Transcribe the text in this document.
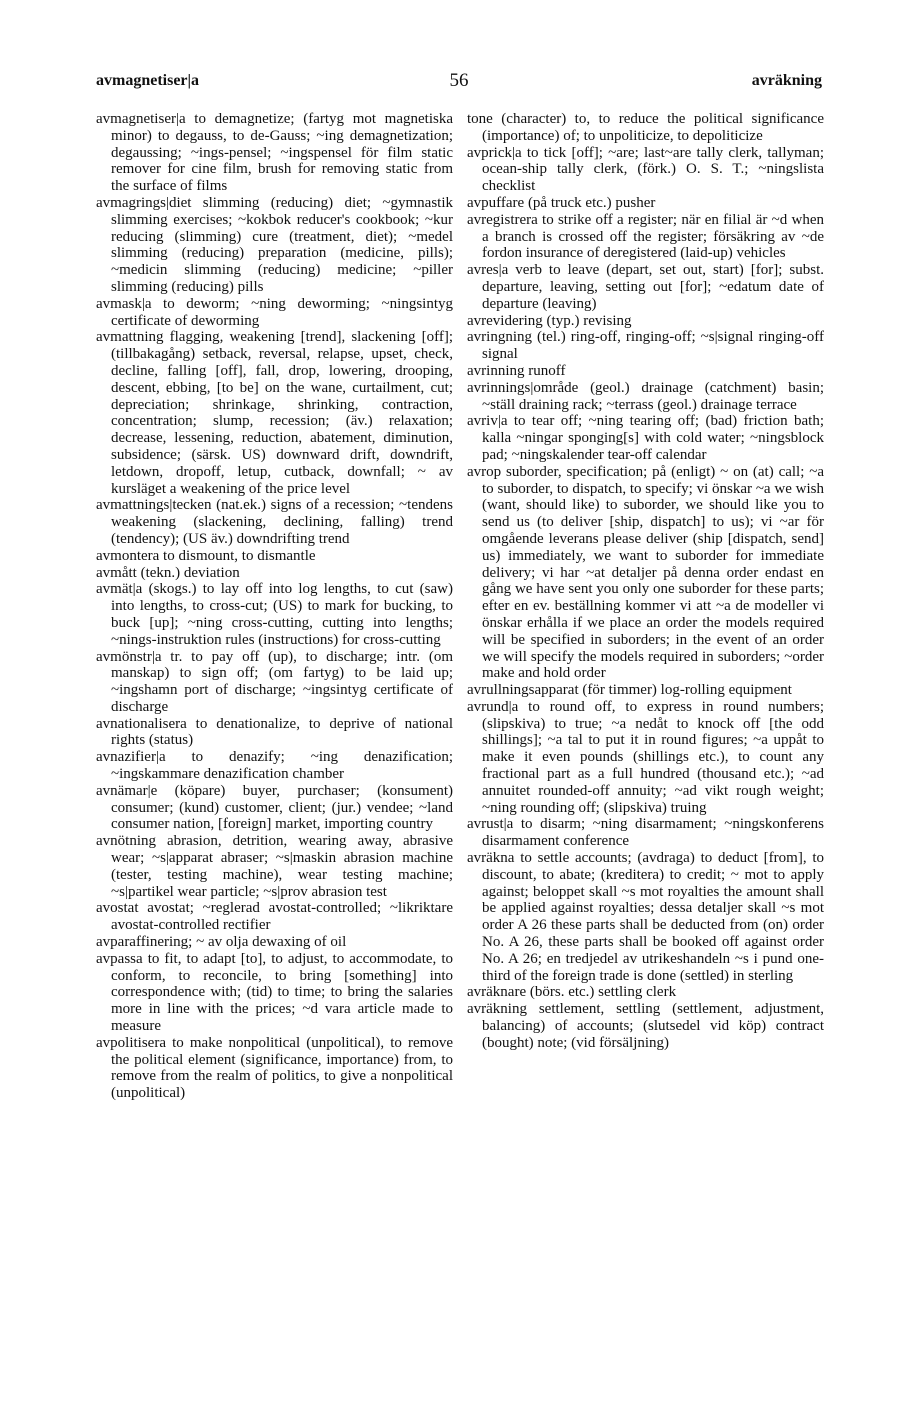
avmagnetiser|a	56	avräkning

avmagnetiser|a to demagnetize; (fartyg mot magnetiska minor) to degauss, to de-Gauss; ~ing demagnetization; degaussing; ~ings-pensel; ~ingspensel för film static remover for cine film, brush for removing static from the surface of films

avmagrings|diet slimming (reducing) diet; ~gymnastik slimming exercises; ~kokbok reducer's cookbook; ~kur reducing (slimming) cure (treatment, diet); ~medel slimming (reducing) preparation (medicine, pills); ~medicin slimming (reducing) medicine; ~piller slimming (reducing) pills

avmask|a to deworm; ~ning deworming; ~ningsintyg certificate of deworming

avmattning flagging, weakening [trend], slackening [off]; (tillbakagång) setback, reversal, relapse, upset, check, decline, falling [off], fall, drop, lowering, drooping, descent, ebbing, [to be] on the wane, curtailment, cut; depreciation; shrinkage, shrinking, contraction, concentration; slump, recession; (äv.) relaxation; decrease, lessening, reduction, abatement, diminution, subsidence; (särsk. US) downward drift, downdrift, letdown, dropoff, letup, cutback, downfall; ~ av kursläget a weakening of the price level

avmattnings|tecken (nat.ek.) signs of a recession; ~tendens weakening (slackening, declining, falling) trend (tendency); (US äv.) downdrifting trend

avmontera to dismount, to dismantle

avmått (tekn.) deviation

avmät|a (skogs.) to lay off into log lengths, to cut (saw) into lengths, to cross-cut; (US) to mark for bucking, to buck [up]; ~ning cross-cutting, cutting into lengths; ~nings-instruktion rules (instructions) for cross-cutting

avmönstr|a tr. to pay off (up), to discharge; intr. (om manskap) to sign off; (om fartyg) to be laid up; ~ingshamn port of discharge; ~ingsintyg certificate of discharge

avnationalisera to denationalize, to deprive of national rights (status)

avnazifier|a to denazify; ~ing denazification; ~ingskammare denazification chamber

avnämar|e (köpare) buyer, purchaser; (konsument) consumer; (kund) customer, client; (jur.) vendee; ~land consumer nation, [foreign] market, importing country

avnötning abrasion, detrition, wearing away, abrasive wear; ~s|apparat abraser; ~s|maskin abrasion machine (tester, testing machine), wear testing machine; ~s|partikel wear particle; ~s|prov abrasion test

avostat avostat; ~reglerad avostat-controlled; ~likriktare avostat-controlled rectifier

avparaffinering; ~ av olja dewaxing of oil

avpassa to fit, to adapt [to], to adjust, to accommodate, to conform, to reconcile, to bring [something] into correspondence with; (tid) to time; to bring the salaries more in line with the prices; ~d vara article made to measure

avpolitisera to make nonpolitical (unpolitical), to remove the political element (significance, importance) from, to remove from the realm of politics, to give a nonpolitical (unpolitical)

tone (character) to, to reduce the political significance (importance) of; to unpoliticize, to depoliticize

avprick|a to tick [off]; ~are; last~are tally clerk, tallyman; ocean-ship tally clerk, (förk.) O. S. T.; ~ningslista checklist

avpuffare (på truck etc.) pusher

avregistrera to strike off a register; när en filial är ~d when a branch is crossed off the register; försäkring av ~de fordon insurance of deregistered (laid-up) vehicles

avres|a verb to leave (depart, set out, start) [for]; subst. departure, leaving, setting out [for]; ~edatum date of departure (leaving)

avrevidering (typ.) revising

avringning (tel.) ring-off, ringing-off; ~s|signal ringing-off signal

avrinning runoff

avrinnings|område (geol.) drainage (catchment) basin; ~ställ draining rack; ~terrass (geol.) drainage terrace

avriv|a to tear off; ~ning tearing off; (bad) friction bath; kalla ~ningar sponging[s] with cold water; ~ningsblock pad; ~ningskalender tear-off calendar

avrop suborder, specification; på (enligt) ~ on (at) call; ~a to suborder, to dispatch, to specify; vi önskar ~a we wish (want, should like) to suborder, we should like you to send us (to deliver [ship, dispatch] to us); vi ~ar för omgående leverans please deliver (ship [dispatch, send] us) immediately, we want to suborder for immediate delivery; vi har ~at detaljer på denna order endast en gång we have sent you only one suborder for these parts; efter en ev. beställning kommer vi att ~a de modeller vi önskar erhålla if we place an order the models required will be specified in suborders; in the event of an order we will specify the models required in suborders; ~order make and hold order

avrullningsapparat (för timmer) log-rolling equipment

avrund|a to round off, to express in round numbers; (slipskiva) to true; ~a nedåt to knock off [the odd shillings]; ~a tal to put it in round figures; ~a uppåt to make it even pounds (shillings etc.), to count any fractional part as a full hundred (thousand etc.); ~ad annuitet rounded-off annuity; ~ad vikt rough weight; ~ning rounding off; (slipskiva) truing

avrust|a to disarm; ~ning disarmament; ~ningskonferens disarmament conference

avräkna to settle accounts; (avdraga) to deduct [from], to discount, to abate; (kreditera) to credit; ~ mot to apply against; beloppet skall ~s mot royalties the amount shall be applied against royalties; dessa detaljer skall ~s mot order A 26 these parts shall be deducted from (on) order No. A 26, these parts shall be booked off against order No. A 26; en tredjedel av utrikeshandeln ~s i pund one-third of the foreign trade is done (settled) in sterling

avräknare (börs. etc.) settling clerk

avräkning settlement, settling (settlement, adjustment, balancing) of accounts; (slutsedel vid köp) contract (bought) note; (vid försäljning)
